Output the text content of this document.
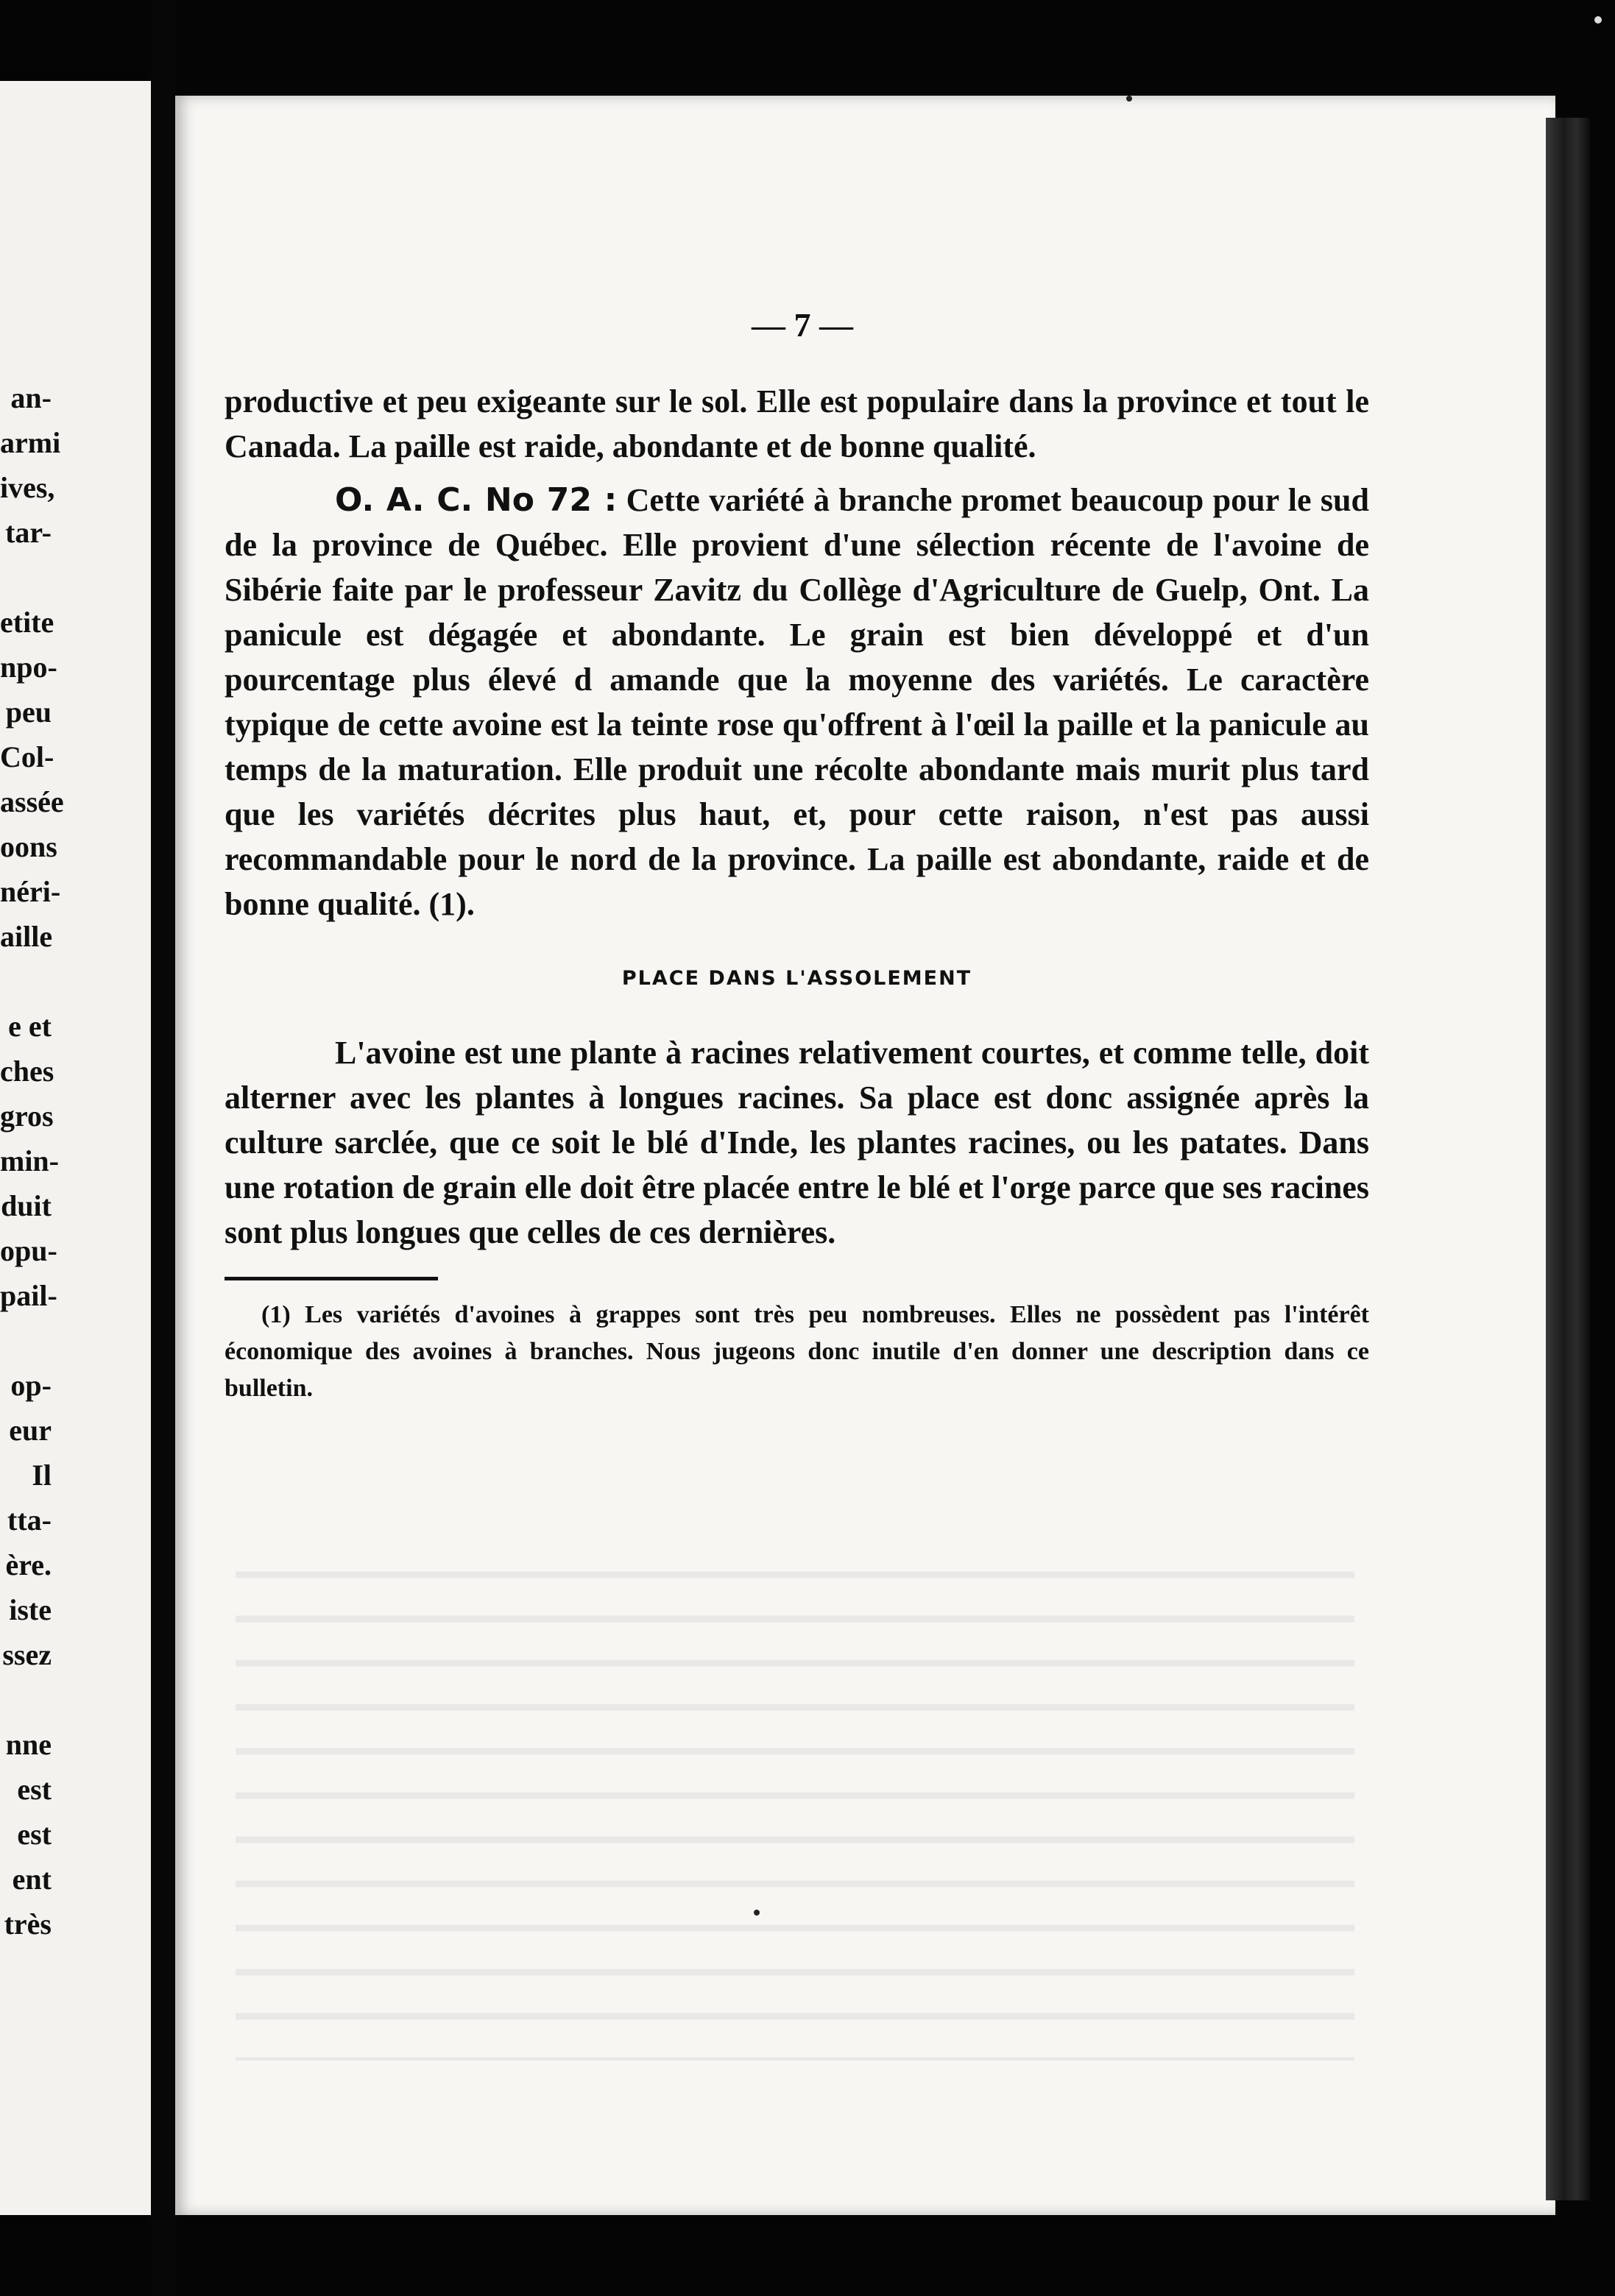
an-
armi
ives,
tar-
etite
npo-
peu
Col-
assée
oons
néri-
aille
e et
ches
gros
min-
duit
opu-
pail-
op-
eur
Il
tta-
ère.
iste
ssez
nne
est
est
ent
très
— 7 —

productive et peu exigeante sur le sol. Elle est populaire dans la province et tout le Canada. La paille est raide, abondante et de bonne qualité.

O. A. C. No 72 : Cette variété à branche promet beaucoup pour le sud de la province de Québec. Elle provient d'une sélection récente de l'avoine de Sibérie faite par le professeur Zavitz du Collège d'Agriculture de Guelp, Ont. La panicule est dégagée et abondante. Le grain est bien développé et d'un pourcentage plus élevé d amande que la moyenne des variétés. Le caractère typique de cette avoine est la teinte rose qu'offrent à l'œil la paille et la panicule au temps de la maturation. Elle produit une récolte abondante mais murit plus tard que les variétés décrites plus haut, et, pour cette raison, n'est pas aussi recommandable pour le nord de la province. La paille est abondante, raide et de bonne qualité. (1).

PLACE DANS L'ASSOLEMENT

L'avoine est une plante à racines relativement courtes, et comme telle, doit alterner avec les plantes à longues racines. Sa place est donc assignée après la culture sarclée, que ce soit le blé d'Inde, les plantes racines, ou les patates. Dans une rotation de grain elle doit être placée entre le blé et l'orge parce que ses racines sont plus longues que celles de ces dernières.

(1) Les variétés d'avoines à grappes sont très peu nombreuses. Elles ne possèdent pas l'intérêt économique des avoines à branches. Nous jugeons donc inutile d'en donner une description dans ce bulletin.
